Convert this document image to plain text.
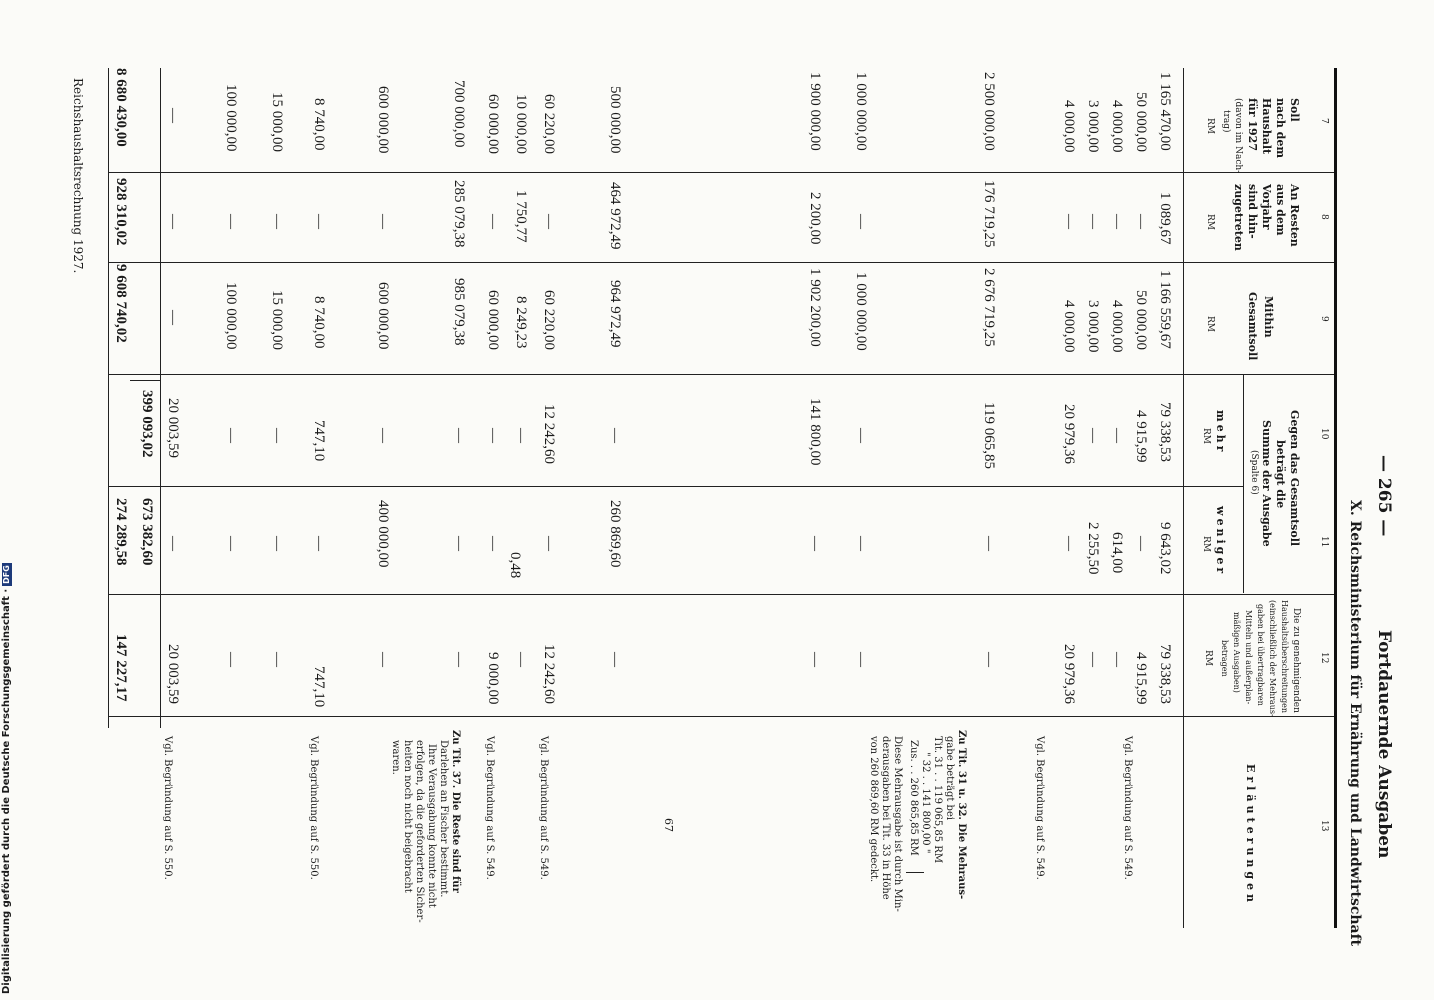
— 265 —
Fortdauernde Ausgaben
X. Reichsministerium für Ernährung und Landwirtschaft
7
8
9
10
11
12
13
Soll
nach dem
Haushalt
für 1927
(davon im Nach-
trag)
RM
An Resten
aus dem
Vorjahr
sind hin-
zugetreten
RM
Mithin
Gesamtsoll
RM
Gegen das Gesamtsoll
beträgt die
Summe der Ausgabe
(Spalte 6)
mehr
RM
weniger
RM
Die zu genehmigenden
Haushaltsüberschreitungen
(einschließlich der Mehraus-
gaben bei übertragbaren
Mitteln und außerplan-
mäßigen Ausgaben)
betragen
RM
Erläuterungen
1 165 470,00
1 089,67
1 166 559,67
79 338,53
9 643,02
79 338,53
Vgl. Begründung auf S. 549.
50 000,00
—
50 000,00
4 915,99
—
4 915,99
4 000,00
—
4 000,00
—
614,00
—
3 000,00
—
3 000,00
—
2 255,50
—
4 000,00
—
4 000,00
20 979,36
—
20 979,36
Vgl. Begründung auf S. 549.
2 500 000,00
176 719,25
2 676 719,25
119 065,85
—
—
Zu Tit. 31 u. 32. Die Mehraus-
gabe beträgt bei
Tit. 31 . . 119 065,85 RM
" 32 . . 141 800,00 "
Zus. . . 260 865,85 RM
Diese Mehrausgabe ist durch Min-
derausgaben bei Tit. 33 in Höhe
von 260 869,60 RM gedeckt.
1 000 000,00
—
1 000 000,00
—
—
—
1 900 000,00
2 200,00
1 902 200,00
141 800,00
—
—
500 000,00
464 972,49
964 972,49
—
260 869,60
—
60 220,00
—
60 220,00
12 242,60
—
12 242,60
Vgl. Begründung auf S. 549.
10 000,00
1 750,77
8 249,23
—
0,48
—
60 000,00
—
60 000,00
—
—
9 000,00
Vgl. Begründung auf S. 549.
700 000,00
285 079,38
985 079,38
—
—
—
Zu Tit. 37. Die Reste sind für
Darlehen an Fischer bestimmt.
Ihre Verausgabung konnte nicht
erfolgen, da die geforderten Sicher-
heiten noch nicht beigebracht
waren.
600 000,00
—
600 000,00
—
400 000,00
—
8 740,00
—
8 740,00
747,10
—
747,10
Vgl. Begründung auf S. 550.
15 000,00
—
15 000,00
—
—
—
100 000,00
—
100 000,00
—
—
—
—
—
—
20 003,59
—
20 003,59
Vgl. Begründung auf S. 550.
8 680 430,00
928 310,02
9 608 740,02
399 093,02
673 382,60
274 289,58
147 227,17
Reichshaushaltsrechnung 1927.
67
Digitalisierung gefördert durch die Deutsche Forschungsgemeinschaft ·DFG
